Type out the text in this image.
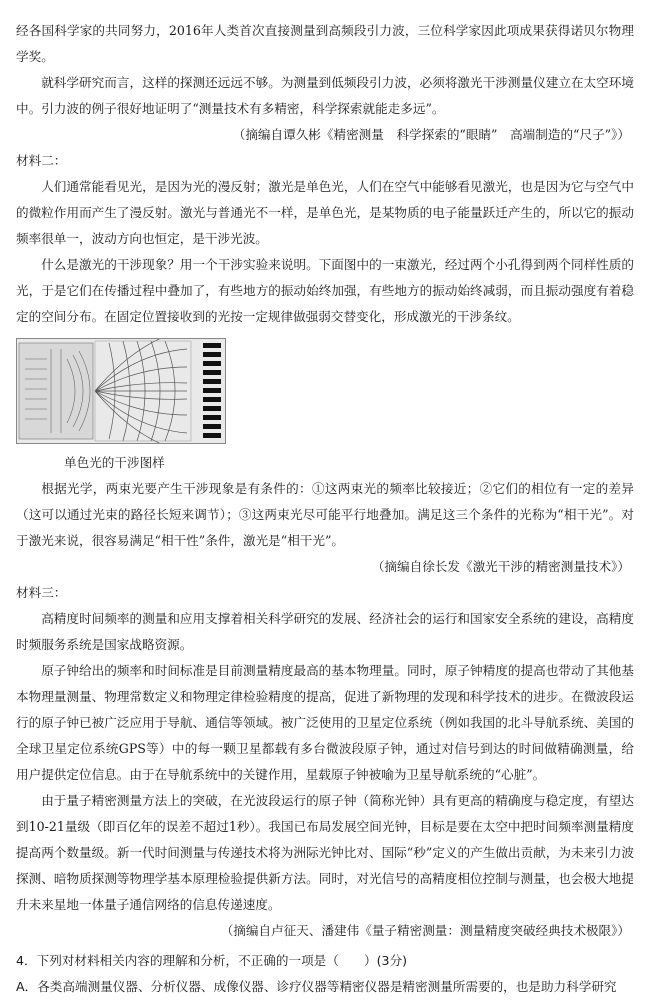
经各国科学家的共同努力，2016年人类首次直接测量到高频段引力波，三位科学家因此项成果获得诺贝尔物理学奖。

就科学研究而言，这样的探测还远远不够。为测量到低频段引力波，必须将激光干涉测量仪建立在太空环境中。引力波的例子很好地证明了“测量技术有多精密，科学探索就能走多远”。

（摘编自谭久彬《精密测量　科学探索的“眼睛”　高端制造的“尺子”》）

材料二：

人们通常能看见光，是因为光的漫反射；激光是单色光，人们在空气中能够看见激光，也是因为它与空气中的微粒作用而产生了漫反射。激光与普通光不一样，是单色光，是某物质的电子能量跃迁产生的，所以它的振动频率很单一，波动方向也恒定，是干涉光波。

什么是激光的干涉现象？用一个干涉实验来说明。下面图中的一束激光，经过两个小孔得到两个同样性质的光，于是它们在传播过程中叠加了，有些地方的振动始终加强，有些地方的振动始终减弱，而且振动强度有着稳定的空间分布。在固定位置接收到的光按一定规律做强弱交替变化，形成激光的干涉条纹。

单色光的干涉图样

根据光学，两束光要产生干涉现象是有条件的：①这两束光的频率比较接近；②它们的相位有一定的差异（这可以通过光束的路径长短来调节）；③这两束光尽可能平行地叠加。满足这三个条件的光称为“相干光”。对于激光来说，很容易满足“相干性”条件，激光是“相干光”。

（摘编自徐长发《激光干涉的精密测量技术》）

材料三：

高精度时间频率的测量和应用支撑着相关科学研究的发展、经济社会的运行和国家安全系统的建设，高精度时频服务系统是国家战略资源。

原子钟给出的频率和时间标准是目前测量精度最高的基本物理量。同时，原子钟精度的提高也带动了其他基本物理量测量、物理常数定义和物理定律检验精度的提高，促进了新物理的发现和科学技术的进步。在微波段运行的原子钟已被广泛应用于导航、通信等领域。被广泛使用的卫星定位系统（例如我国的北斗导航系统、美国的全球卫星定位系统GPS等）中的每一颗卫星都载有多台微波段原子钟，通过对信号到达的时间做精确测量，给用户提供定位信息。由于在导航系统中的关键作用，星载原子钟被喻为卫星导航系统的“心脏”。

由于量子精密测量方法上的突破，在光波段运行的原子钟（简称光钟）具有更高的精确度与稳定度，有望达到10-21量级（即百亿年的误差不超过1秒）。我国已布局发展空间光钟，目标是要在太空中把时间频率测量精度提高两个数量级。新一代时间测量与传递技术将为洲际光钟比对、国际“秒”定义的产生做出贡献，为未来引力波探测、暗物质探测等物理学基本原理检验提供新方法。同时，对光信号的高精度相位控制与测量，也会极大地提升未来星地一体量子通信网络的信息传递速度。

（摘编自卢征天、潘建伟《量子精密测量：测量精度突破经典技术极限》）

4．下列对材料相关内容的理解和分析，不正确的一项是（　　）(3分)

A．各类高端测量仪器、分析仪器、成像仪器、诊疗仪器等精密仪器是精密测量所需要的，也是助力科学研究
